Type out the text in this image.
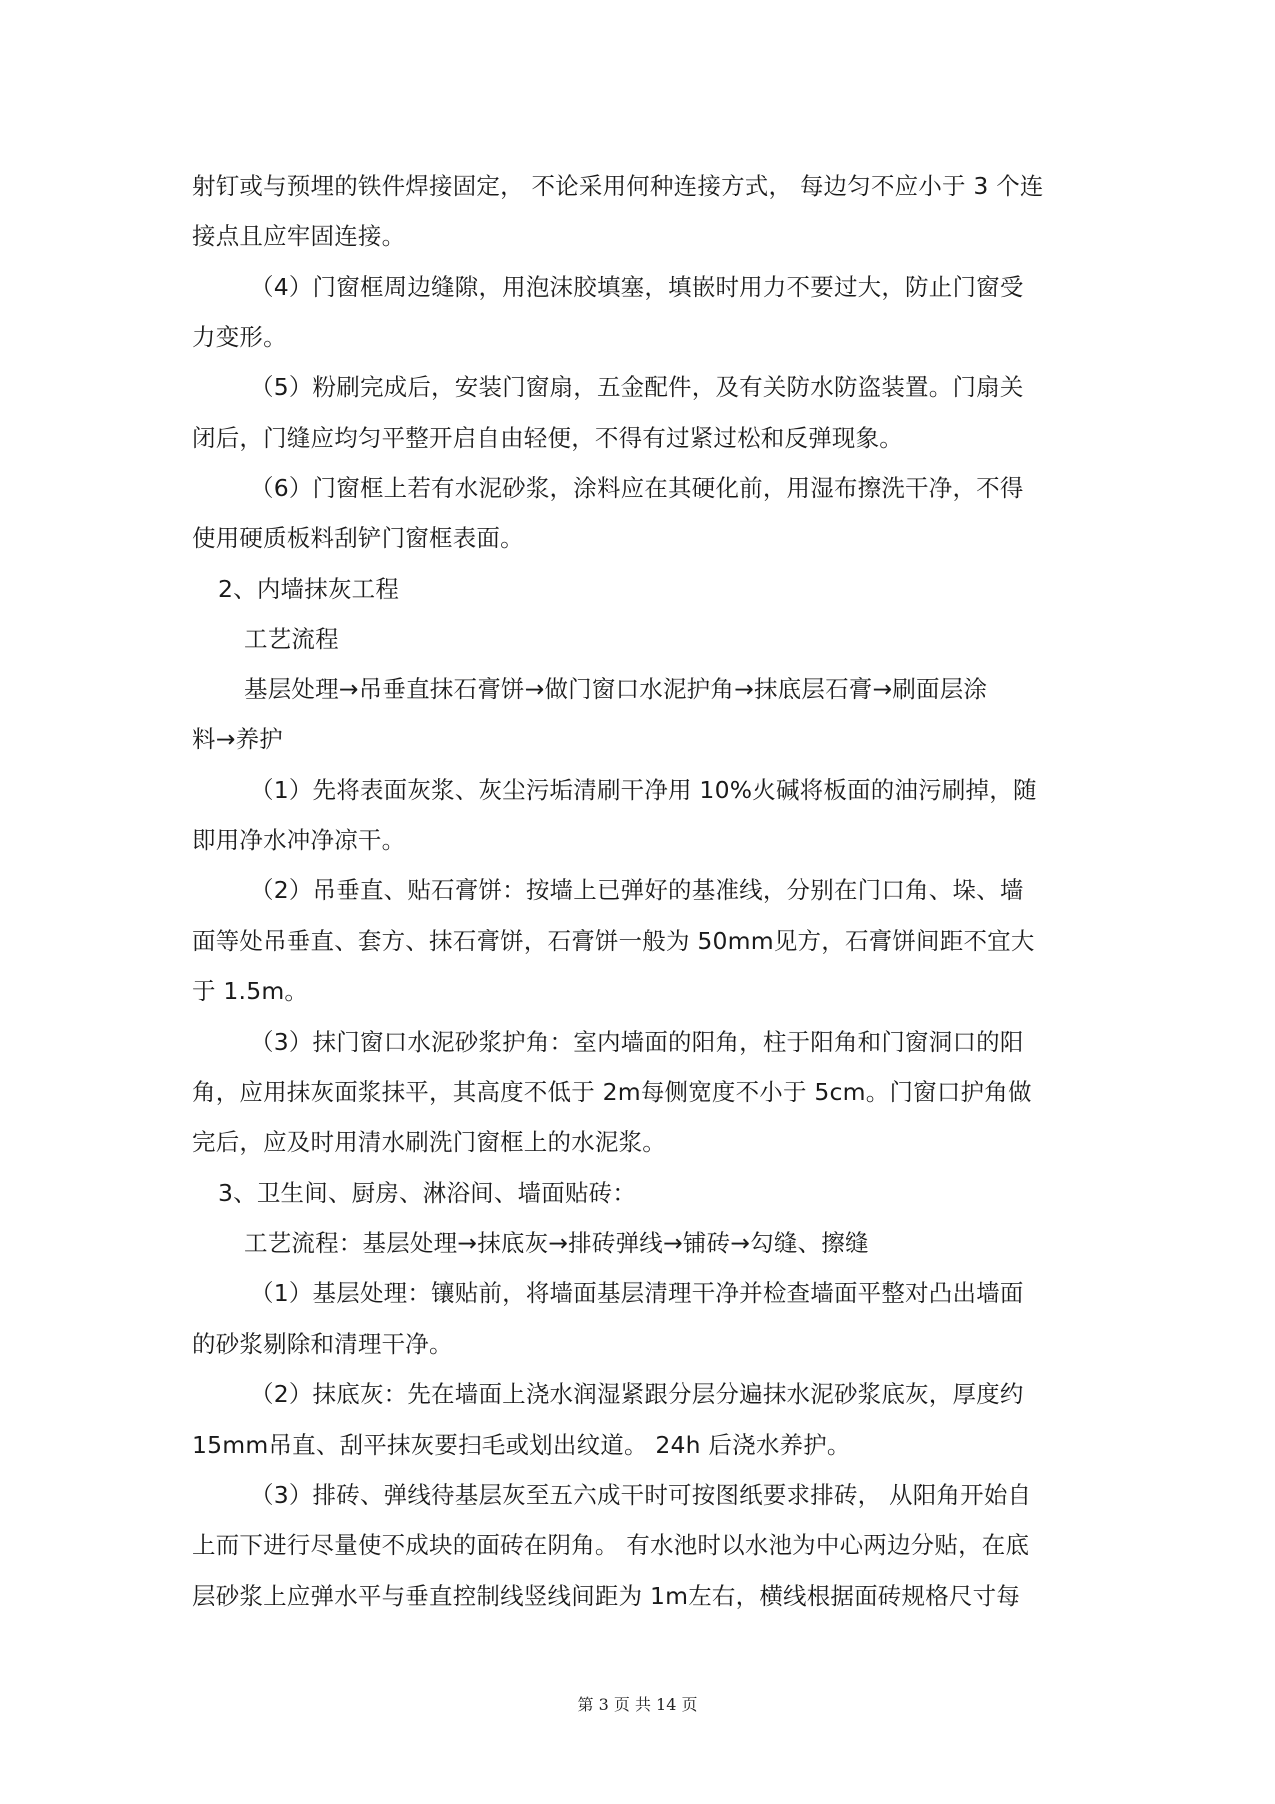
射钉或与预埋的铁件焊接固定， 不论采用何种连接方式， 每边匀不应小于 3 个连
接点且应牢固连接。
（4）门窗框周边缝隙，用泡沫胶填塞，填嵌时用力不要过大，防止门窗受
力变形。
（5）粉刷完成后，安装门窗扇，五金配件，及有关防水防盗装置。门扇关
闭后，门缝应均匀平整开启自由轻便，不得有过紧过松和反弹现象。
（6）门窗框上若有水泥砂浆，涂料应在其硬化前，用湿布擦洗干净，不得
使用硬质板料刮铲门窗框表面。
2、内墙抹灰工程
工艺流程
基层处理→吊垂直抹石膏饼→做门窗口水泥护角→抹底层石膏→刷面层涂
料→养护
（1）先将表面灰浆、灰尘污垢清刷干净用 10%火碱将板面的油污刷掉，随
即用净水冲净凉干。
（2）吊垂直、贴石膏饼：按墙上已弹好的基准线，分别在门口角、垛、墙
面等处吊垂直、套方、抹石膏饼，石膏饼一般为 50mm见方，石膏饼间距不宜大
于 1.5m。
（3）抹门窗口水泥砂浆护角：室内墙面的阳角，柱于阳角和门窗洞口的阳
角，应用抹灰面浆抹平，其高度不低于 2m每侧宽度不小于 5cm。门窗口护角做
完后，应及时用清水刷洗门窗框上的水泥浆。
3、卫生间、厨房、淋浴间、墙面贴砖：
工艺流程：基层处理→抹底灰→排砖弹线→铺砖→勾缝、擦缝
（1）基层处理：镶贴前，将墙面基层清理干净并检查墙面平整对凸出墙面
的砂浆剔除和清理干净。
（2）抹底灰：先在墙面上浇水润湿紧跟分层分遍抹水泥砂浆底灰，厚度约
15mm吊直、刮平抹灰要扫毛或划出纹道。 24h 后浇水养护。
（3）排砖、弹线待基层灰至五六成干时可按图纸要求排砖， 从阳角开始自
上而下进行尽量使不成块的面砖在阴角。 有水池时以水池为中心两边分贴，在底
层砂浆上应弹水平与垂直控制线竖线间距为 1m左右，横线根据面砖规格尺寸每
第 3 页 共 14 页
